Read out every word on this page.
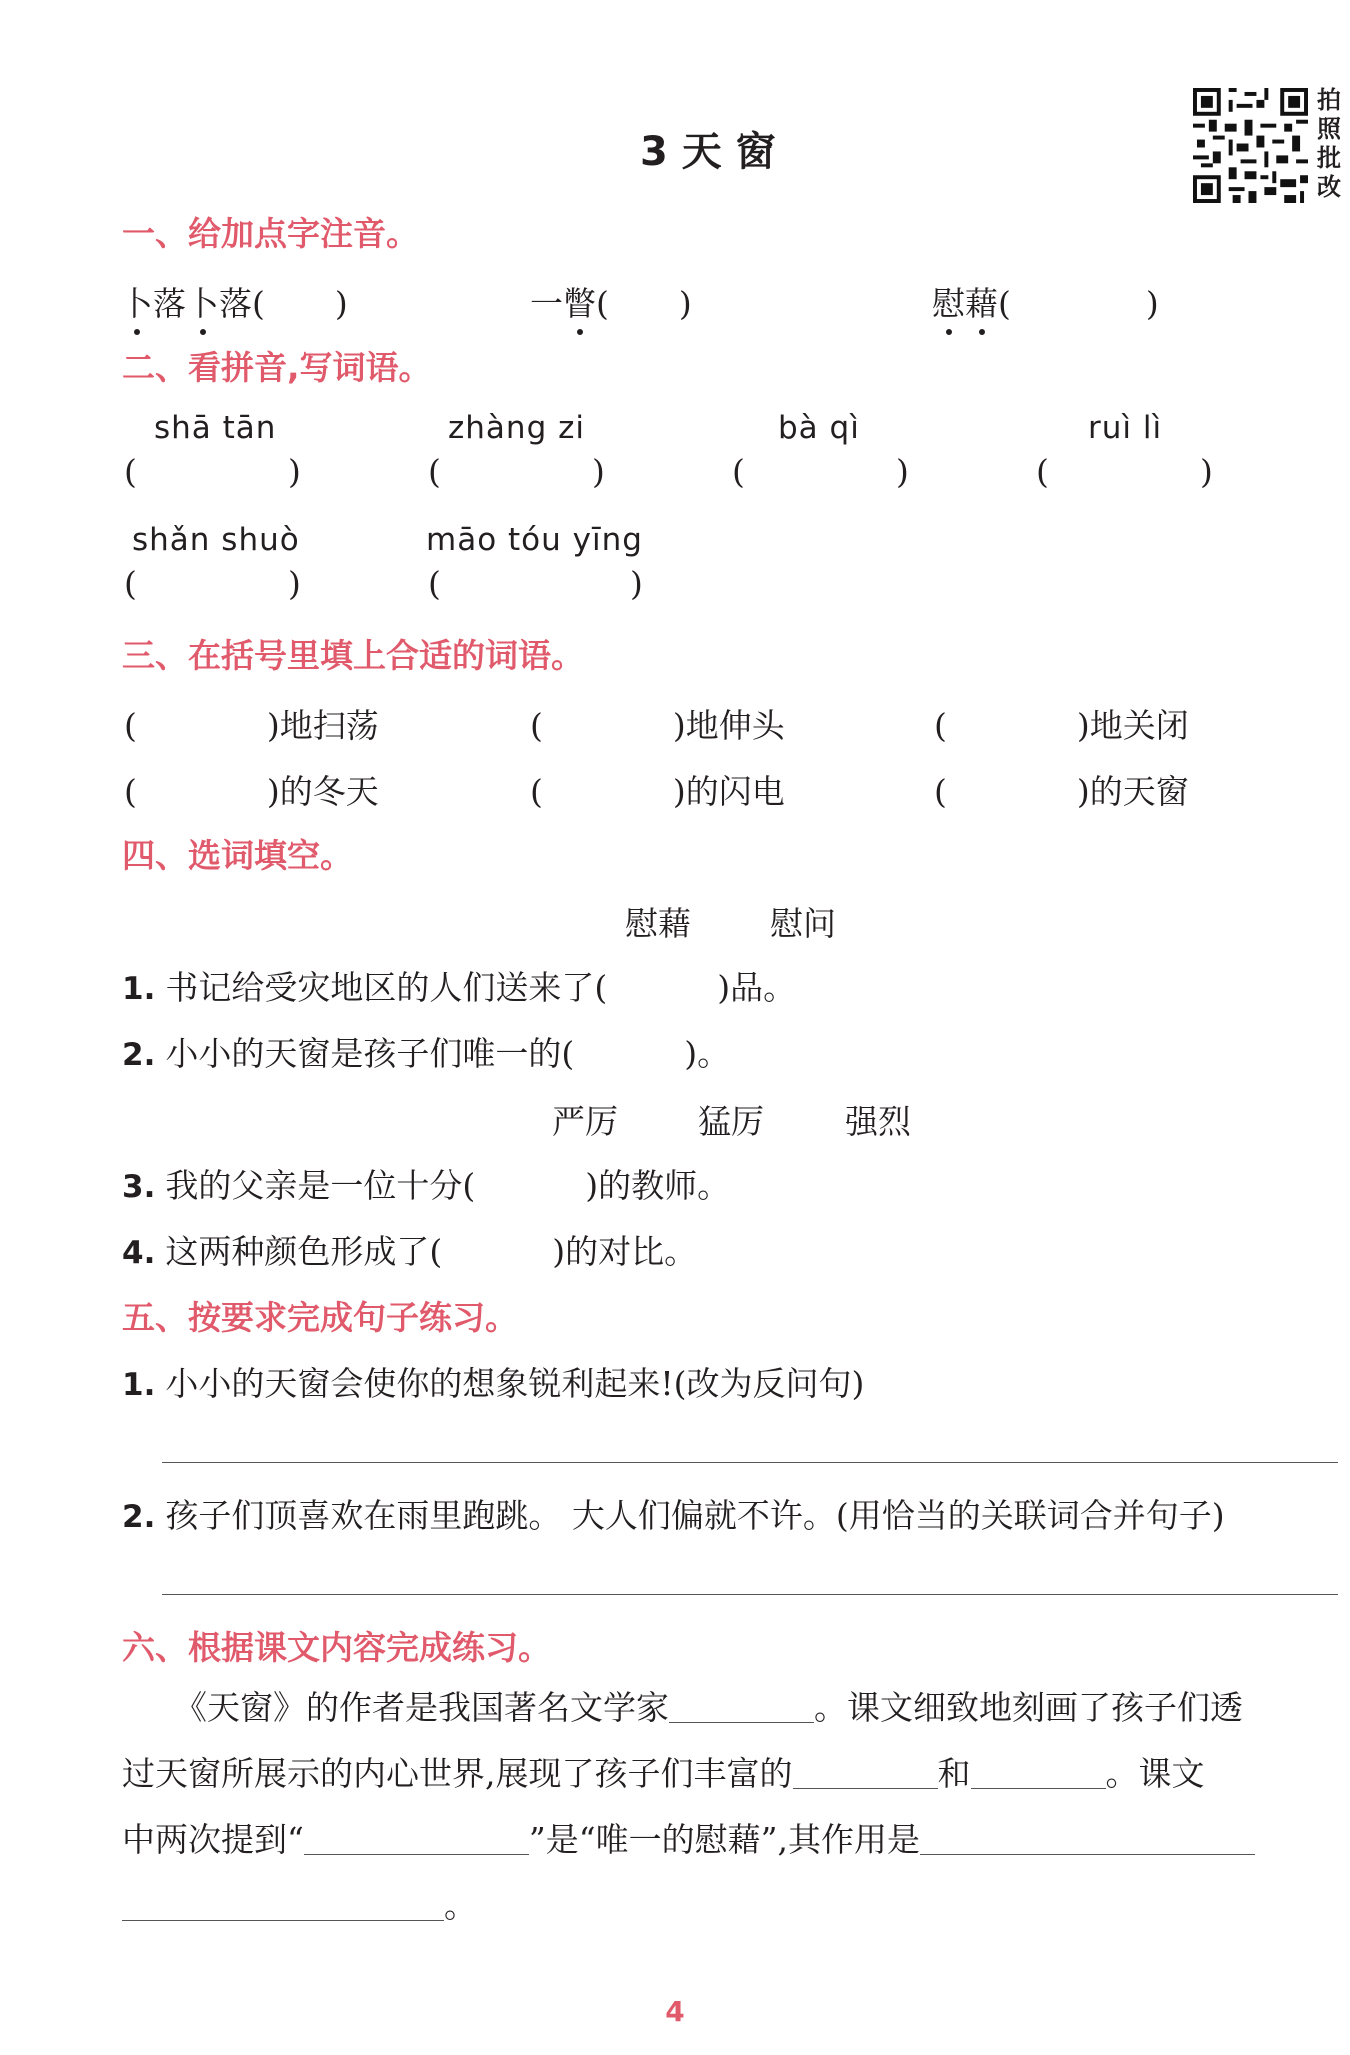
3 天 窗
拍照批改
一、给加点字注音。
卜落卜落( )	一瞥( )	慰藉(	)
二、看拼音,写词语。
shā tān	zhàng zi	bà qì	ruì lì
(	)	(	)	(	)	(	)
shǎn shuò	māo tóu yīng
(	)	(	)
三、在括号里填上合适的词语。
(	)地扫荡	(	)地伸头	(	)地关闭
(	)的冬天	(	)的闪电	(	)的天窗
四、选词填空。
慰藉 慰问
1. 书记给受灾地区的人们送来了(	)品。
2. 小小的天窗是孩子们唯一的(	)。
严厉 猛厉 强烈
3. 我的父亲是一位十分(	)的教师。
4. 这两种颜色形成了(	)的对比。
五、按要求完成句子练习。
1. 小小的天窗会使你的想象锐利起来!(改为反问句)
2. 孩子们顶喜欢在雨里跑跳。 大人们偏就不许。(用恰当的关联词合并句子)
六、根据课文内容完成练习。
《天窗》的作者是我国著名文学家	。课文细致地刻画了孩子们透
过天窗所展示的内心世界,展现了孩子们丰富的	和	。课文
中两次提到“	”是“唯一的慰藉”,其作用是
。
4
